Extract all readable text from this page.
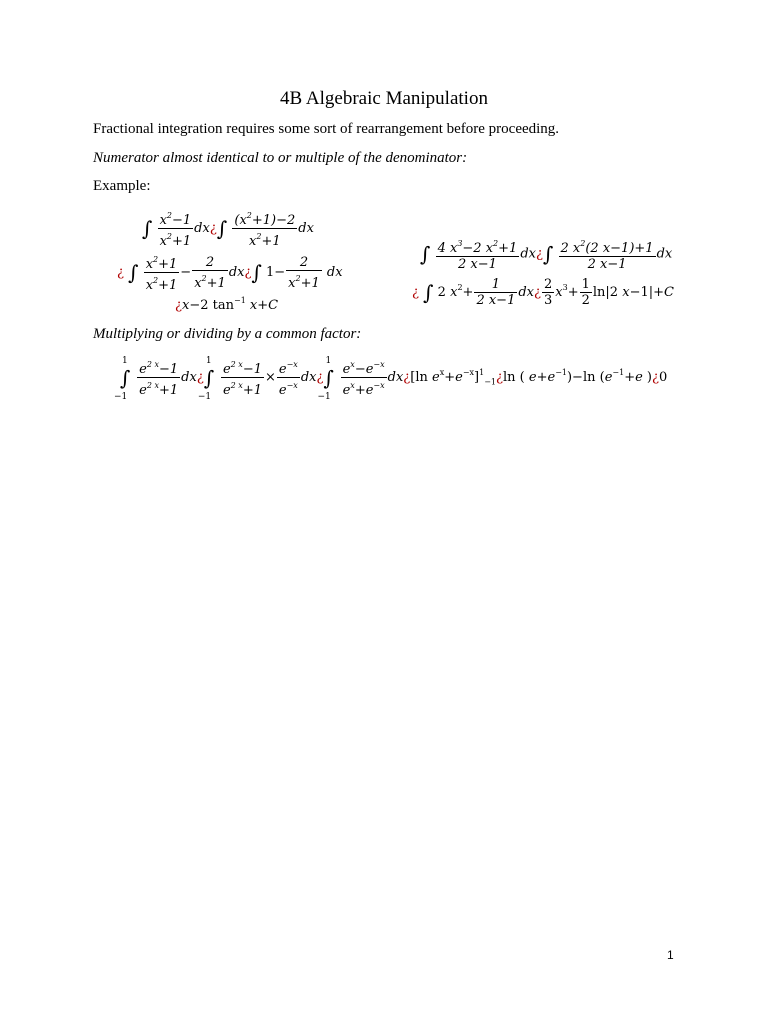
4B Algebraic Manipulation
Fractional integration requires some sort of rearrangement before proceeding.
Numerator almost identical to or multiple of the denominator:
Example:
∫ $\frac{x^2-1}{x^2+1}$ dx¿∫ $\frac{(x^2+1)-2}{x^2+1}$ dx
¿ ∫ $\frac{x^2+1}{x^2+1} - \frac{2}{x^2+1}$ dx¿∫ $1- \frac{2}{x^2+1}$ dx
¿x−2 $\tan^{-1} x+C$
∫ $\frac{4 x^3-2 x^2+1}{2 x-1}$ dx¿∫ $\frac{2 x^2(2 x-1)+1}{2 x-1}$ dx
¿ ∫ 2 $x^2+ \frac{1}{2 x-1}$ dx¿ $\frac{2}{3} x^3+ \frac{1}{2} \ln|2$ x−1|+C
Multiplying or dividing by a common factor:
1
∫
−1
$\frac{e^{2 x}-1}{e^{2 x}+1}$ dx¿
1
∫
−1
$\frac{e^{2 x}-1}{e^{2 x}+1} \times \frac{e^{-x}}{e^{-x}}$ dx¿
1
∫
−1
$\frac{e^x-e^{-x}}{e^x+e^{-x}}$ dx¿[ln $e^x+e^{-x}]^1_{-1}¿\ln$ ( $e+e^{-1})-\ln$ ($e^{-1}+e$ )¿0
1
